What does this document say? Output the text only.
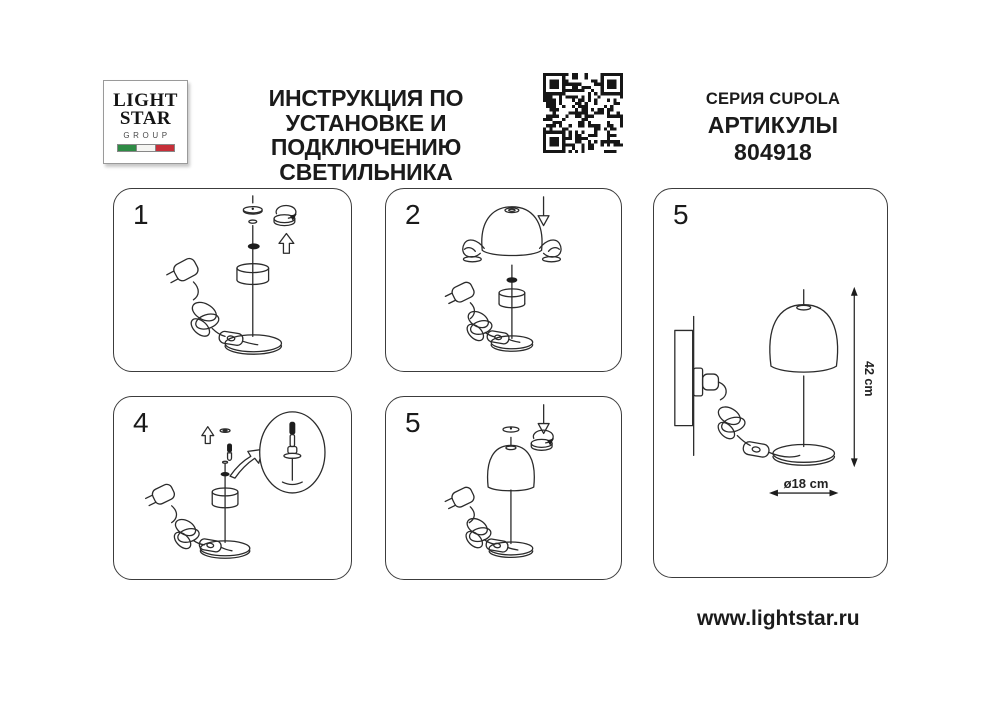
LIGHT
STAR
GROUP
ИНСТРУКЦИЯ ПО УСТАНОВКЕ И
ПОДКЛЮЧЕНИЮ СВЕТИЛЬНИКА
СЕРИЯ CUPOLA
АРТИКУЛЫ 804918
1	2
4	5
5
42 cm
ø18 cm
www.lightstar.ru
